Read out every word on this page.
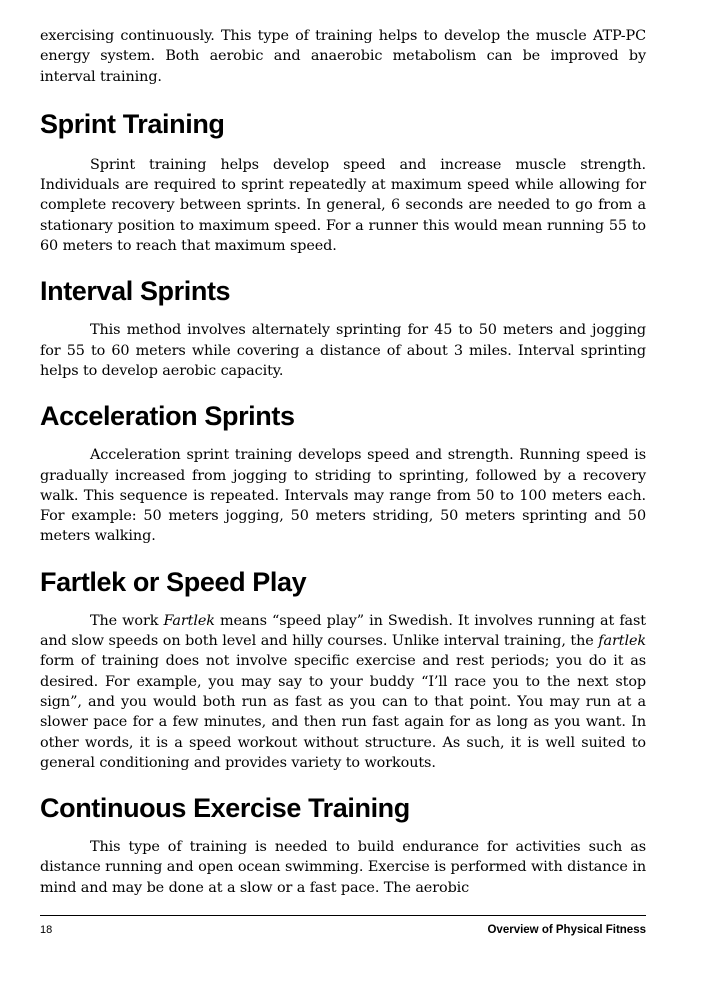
exercising continuously. This type of training helps to develop the muscle ATP-PC energy system. Both aerobic and anaerobic metabolism can be improved by interval training.

Sprint Training

Sprint training helps develop speed and increase muscle strength. Individuals are required to sprint repeatedly at maximum speed while allowing for complete recovery between sprints. In general, 6 seconds are needed to go from a stationary position to maximum speed. For a runner this would mean running 55 to 60 meters to reach that maximum speed.

Interval Sprints

This method involves alternately sprinting for 45 to 50 meters and jogging for 55 to 60 meters while covering a distance of about 3 miles. Interval sprinting helps to develop aerobic capacity.

Acceleration Sprints

Acceleration sprint training develops speed and strength. Running speed is gradually increased from jogging to striding to sprinting, followed by a recovery walk. This sequence is repeated. Intervals may range from 50 to 100 meters each. For example: 50 meters jogging, 50 meters striding, 50 meters sprinting and 50 meters walking.

Fartlek or Speed Play

The work Fartlek means “speed play” in Swedish. It involves running at fast and slow speeds on both level and hilly courses. Unlike interval training, the fartlek form of training does not involve specific exercise and rest periods; you do it as desired. For example, you may say to your buddy “I’ll race you to the next stop sign”, and you would both run as fast as you can to that point. You may run at a slower pace for a few minutes, and then run fast again for as long as you want. In other words, it is a speed workout without structure. As such, it is well suited to general conditioning and provides variety to workouts.

Continuous Exercise Training

This type of training is needed to build endurance for activities such as distance running and open ocean swimming. Exercise is performed with distance in mind and may be done at a slow or a fast pace. The aerobic

18	Overview of Physical Fitness
